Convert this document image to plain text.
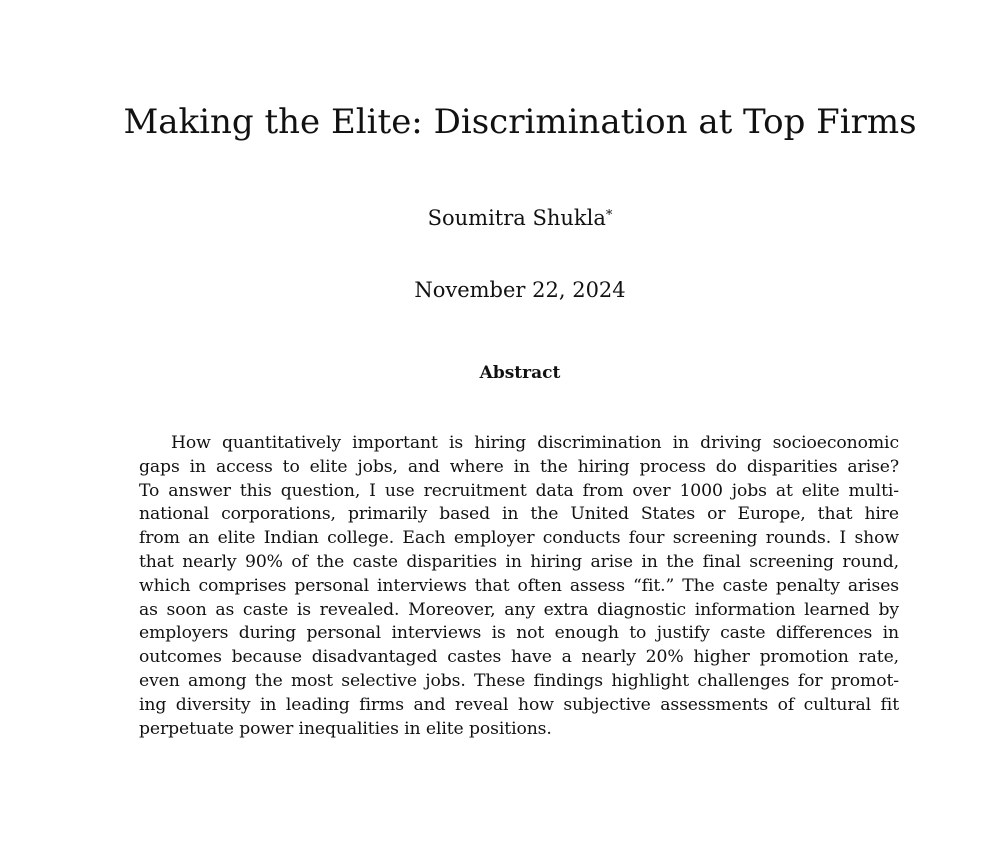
Making the Elite: Discrimination at Top Firms
Soumitra Shukla*
November 22, 2024
Abstract
How quantitatively important is hiring discrimination in driving socioeconomic
gaps in access to elite jobs, and where in the hiring process do disparities arise?
To answer this question, I use recruitment data from over 1000 jobs at elite multi-
national corporations, primarily based in the United States or Europe, that hire
from an elite Indian college. Each employer conducts four screening rounds. I show
that nearly 90% of the caste disparities in hiring arise in the final screening round,
which comprises personal interviews that often assess “fit.” The caste penalty arises
as soon as caste is revealed. Moreover, any extra diagnostic information learned by
employers during personal interviews is not enough to justify caste differences in
outcomes because disadvantaged castes have a nearly 20% higher promotion rate,
even among the most selective jobs. These findings highlight challenges for promot-
ing diversity in leading firms and reveal how subjective assessments of cultural fit
perpetuate power inequalities in elite positions.
